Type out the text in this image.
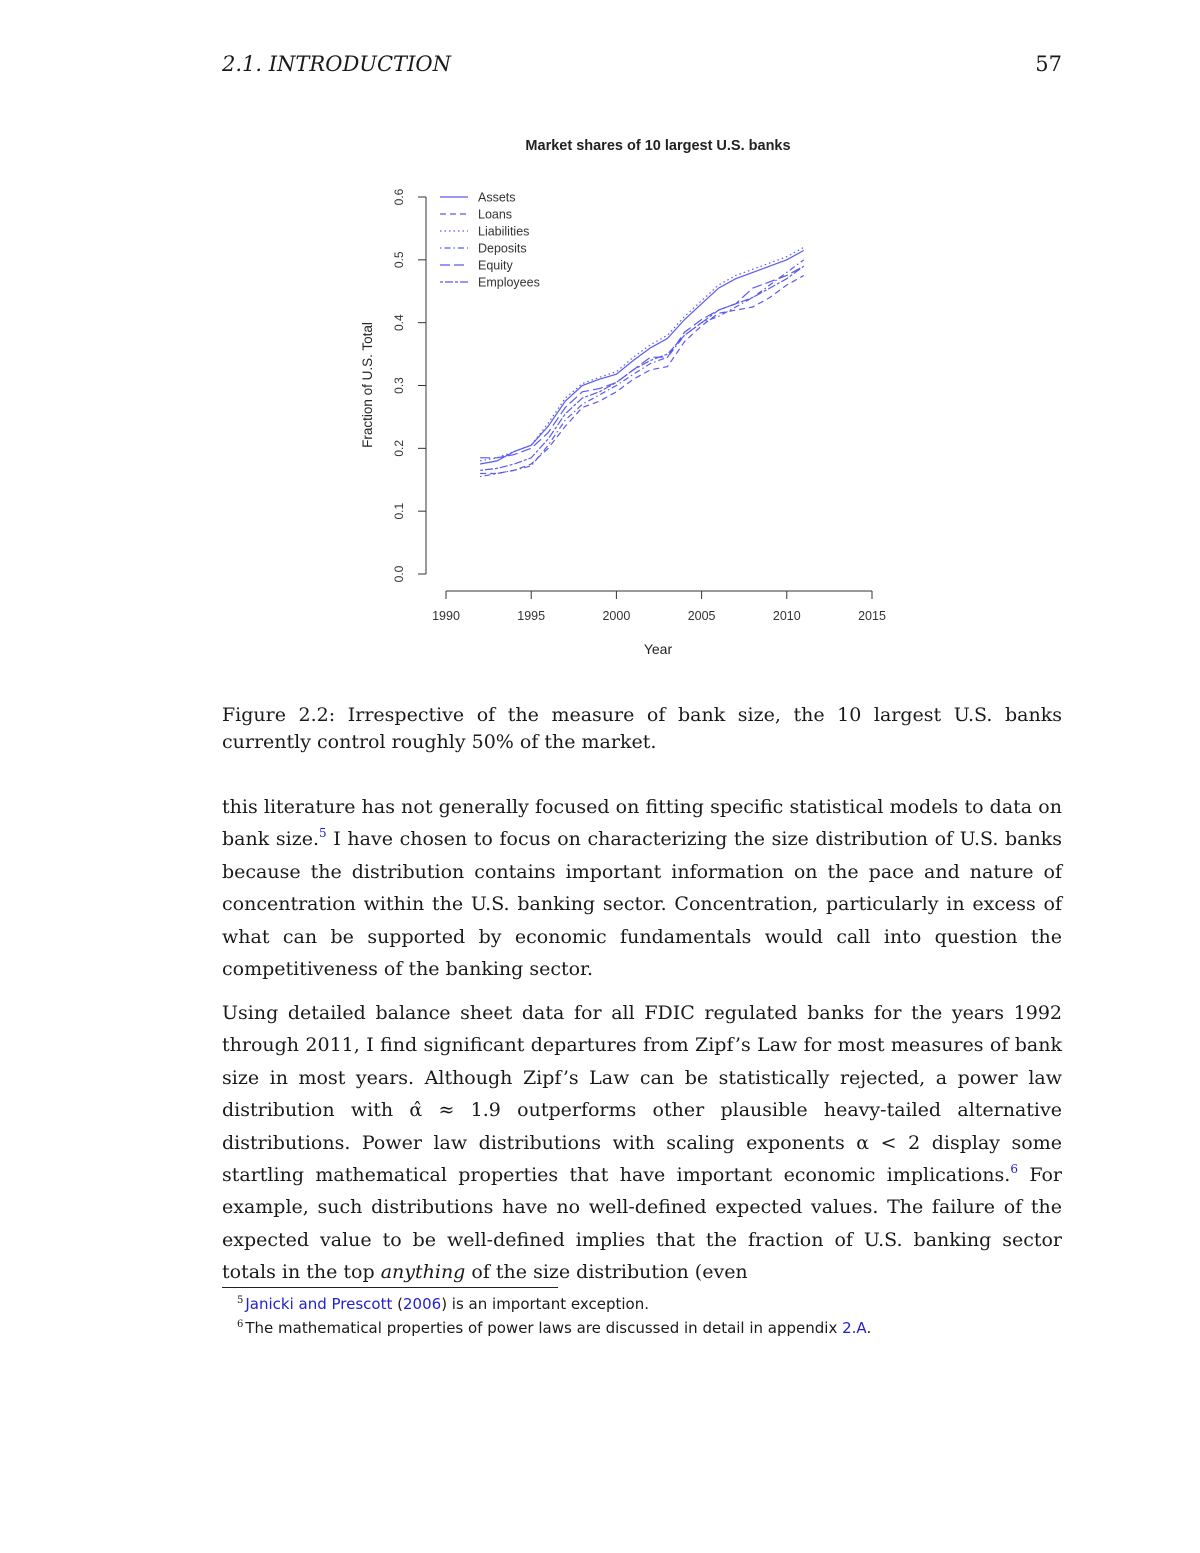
2.1. INTRODUCTION	57
Market shares of 10 largest U.S. banks
Year
Fraction of U.S. Total
0.0
0.1
0.2
0.3
0.4
0.5
0.6
1990	1995	2000	2005	2010	2015
Assets
Loans
Liabilities
Deposits
Equity
Employees
Figure 2.2: Irrespective of the measure of bank size, the 10 largest U.S. banks currently control roughly 50% of the market.

this literature has not generally focused on fitting specific statistical models to data on bank size.$^5$ I have chosen to focus on characterizing the size distribution of U.S. banks because the distribution contains important information on the pace and nature of concentration within the U.S. banking sector. Concentration, particularly in excess of what can be supported by economic fundamentals would call into question the competitiveness of the banking sector.

Using detailed balance sheet data for all FDIC regulated banks for the years 1992 through 2011, I find significant departures from Zipf’s Law for most measures of bank size in most years. Although Zipf’s Law can be statistically rejected, a power law distribution with α̂ ≈ 1.9 outperforms other plausible heavy-tailed alternative distributions. Power law distributions with scaling exponents α < 2 display some startling mathematical properties that have important economic implications.$^6$ For example, such distributions have no well-defined expected values. The failure of the expected value to be well-defined implies that the fraction of U.S. banking sector totals in the top anything of the size distribution (even

$^5$ Janicki and Prescott (2006) is an important exception.
$^6$ The mathematical properties of power laws are discussed in detail in appendix 2.A.
